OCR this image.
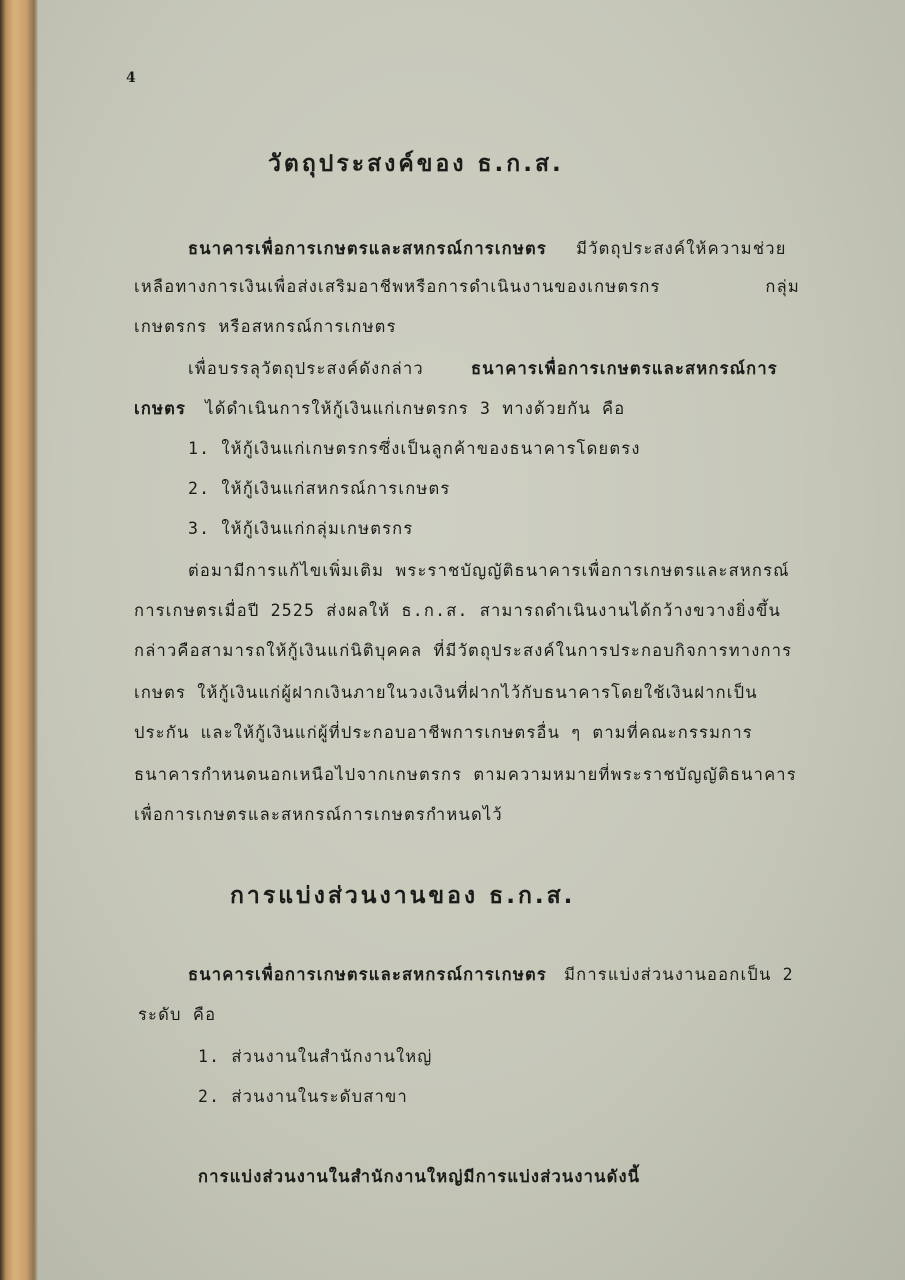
4
วัตถุประสงค์ของ ธ.ก.ส.
ธนาคารเพื่อการเกษตรและสหกรณ์การเกษตร มีวัตถุประสงค์ให้ความช่วย
เหลือทางการเงินเพื่อส่งเสริมอาชีพหรือการดำเนินงานของเกษตรกร	กลุ่ม
เกษตรกร หรือสหกรณ์การเกษตร
เพื่อบรรลุวัตถุประสงค์ดังกล่าว	ธนาคารเพื่อการเกษตรและสหกรณ์การ
เกษตร ได้ดำเนินการให้กู้เงินแก่เกษตรกร 3 ทางด้วยกัน คือ
1. ให้กู้เงินแก่เกษตรกรซึ่งเป็นลูกค้าของธนาคารโดยตรง
2. ให้กู้เงินแก่สหกรณ์การเกษตร
3. ให้กู้เงินแก่กลุ่มเกษตรกร
ต่อมามีการแก้ไขเพิ่มเติม พระราชบัญญัติธนาคารเพื่อการเกษตรและสหกรณ์
การเกษตรเมื่อปี 2525 ส่งผลให้ ธ.ก.ส. สามารถดำเนินงานได้กว้างขวางยิ่งขึ้น
กล่าวคือสามารถให้กู้เงินแก่นิติบุคคล ที่มีวัตถุประสงค์ในการประกอบกิจการทางการ
เกษตร ให้กู้เงินแก่ผู้ฝากเงินภายในวงเงินที่ฝากไว้กับธนาคารโดยใช้เงินฝากเป็น
ประกัน และให้กู้เงินแก่ผู้ที่ประกอบอาชีพการเกษตรอื่น ๆ ตามที่คณะกรรมการ
ธนาคารกำหนดนอกเหนือไปจากเกษตรกร ตามความหมายที่พระราชบัญญัติธนาคาร
เพื่อการเกษตรและสหกรณ์การเกษตรกำหนดไว้
การแบ่งส่วนงานของ ธ.ก.ส.
ธนาคารเพื่อการเกษตรและสหกรณ์การเกษตร มีการแบ่งส่วนงานออกเป็น 2
ระดับ คือ
1. ส่วนงานในสำนักงานใหญ่
2. ส่วนงานในระดับสาขา
การแบ่งส่วนงานในสำนักงานใหญ่มีการแบ่งส่วนงานดังนี้
